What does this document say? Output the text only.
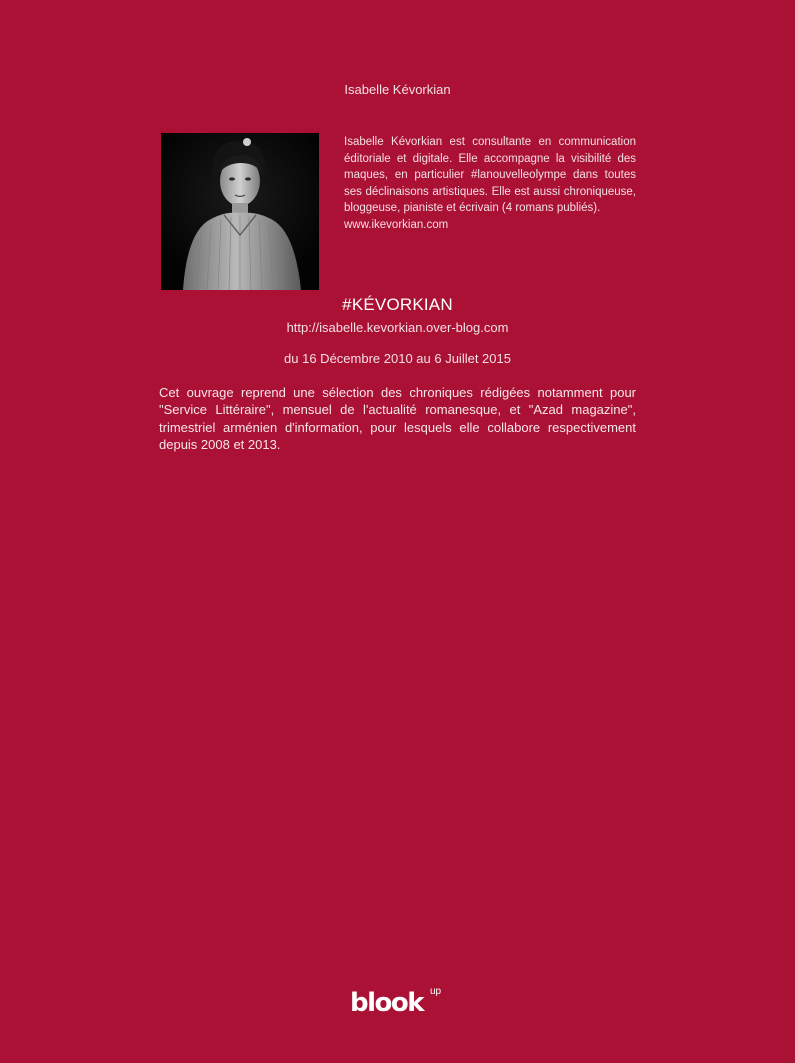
Isabelle Kévorkian
Isabelle Kévorkian est consultante en communication éditoriale et digitale. Elle accompagne la visibilité des maques, en particulier #lanouvelleolympe dans toutes ses déclinaisons artistiques. Elle est aussi chroniqueuse, bloggeuse, pianiste et écrivain (4 romans publiés).
www.ikevorkian.com
#KÉVORKIAN
http://isabelle.kevorkian.over-blog.com
du 16 Décembre 2010 au 6 Juillet 2015
Cet ouvrage reprend une sélection des chroniques rédigées notamment pour "Service Littéraire", mensuel de l'actualité romanesque, et "Azad magazine", trimestriel arménien d'information, pour lesquels elle collabore respectivement depuis 2008 et 2013.
blook up
